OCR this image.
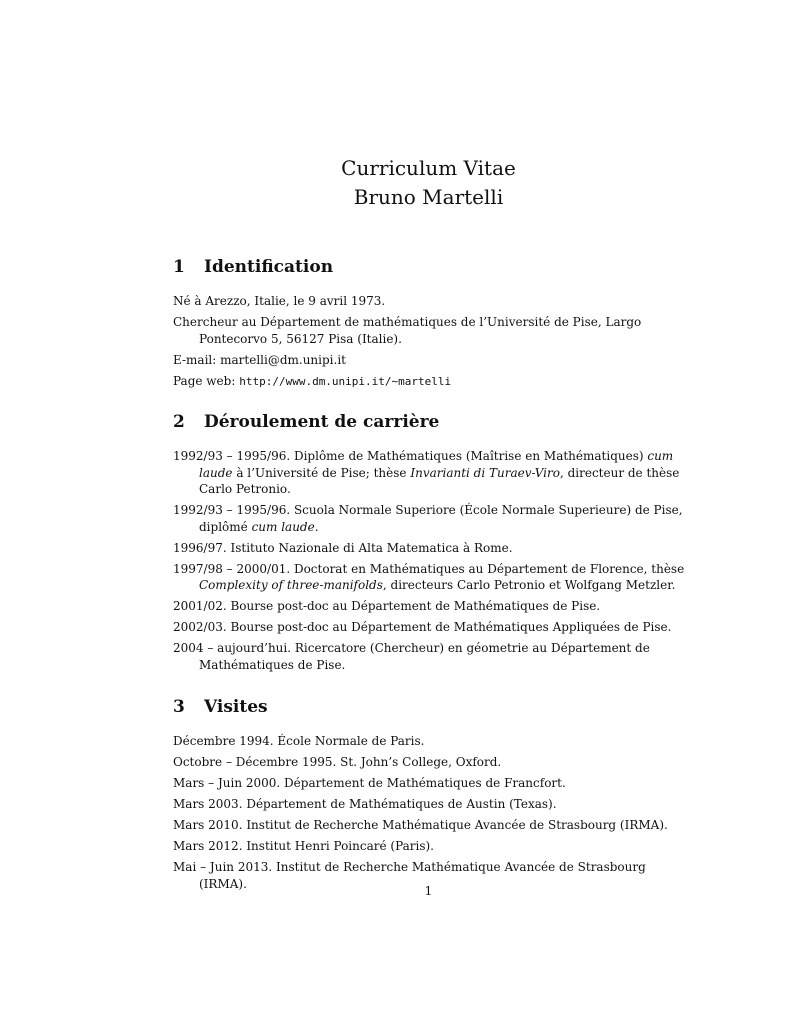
Curriculum Vitae
Bruno Martelli
1	Identification
Né à Arezzo, Italie, le 9 avril 1973.
Chercheur au Département de mathématiques de l’Université de Pise, Largo Pontecorvo 5, 56127 Pisa (Italie).
E-mail: martelli@dm.unipi.it
Page web: http://www.dm.unipi.it/∼martelli
2	Déroulement de carrière
1992/93 – 1995/96. Diplôme de Mathématiques (Maîtrise en Mathématiques) cum laude à l’Université de Pise; thèse Invarianti di Turaev-Viro, directeur de thèse Carlo Petronio.
1992/93 – 1995/96. Scuola Normale Superiore (École Normale Superieure) de Pise, diplômé cum laude.
1996/97. Istituto Nazionale di Alta Matematica à Rome.
1997/98 – 2000/01. Doctorat en Mathématiques au Département de Florence, thèse Complexity of three-manifolds, directeurs Carlo Petronio et Wolfgang Metzler.
2001/02. Bourse post-doc au Département de Mathématiques de Pise.
2002/03. Bourse post-doc au Département de Mathématiques Appliquées de Pise.
2004 – aujourd’hui. Ricercatore (Chercheur) en géometrie au Département de Mathématiques de Pise.
3	Visites
Décembre 1994. École Normale de Paris.
Octobre – Décembre 1995. St. John’s College, Oxford.
Mars – Juin 2000. Département de Mathématiques de Francfort.
Mars 2003. Département de Mathématiques de Austin (Texas).
Mars 2010. Institut de Recherche Mathématique Avancée de Strasbourg (IRMA).
Mars 2012. Institut Henri Poincaré (Paris).
Mai – Juin 2013. Institut de Recherche Mathématique Avancée de Strasbourg (IRMA).
1
